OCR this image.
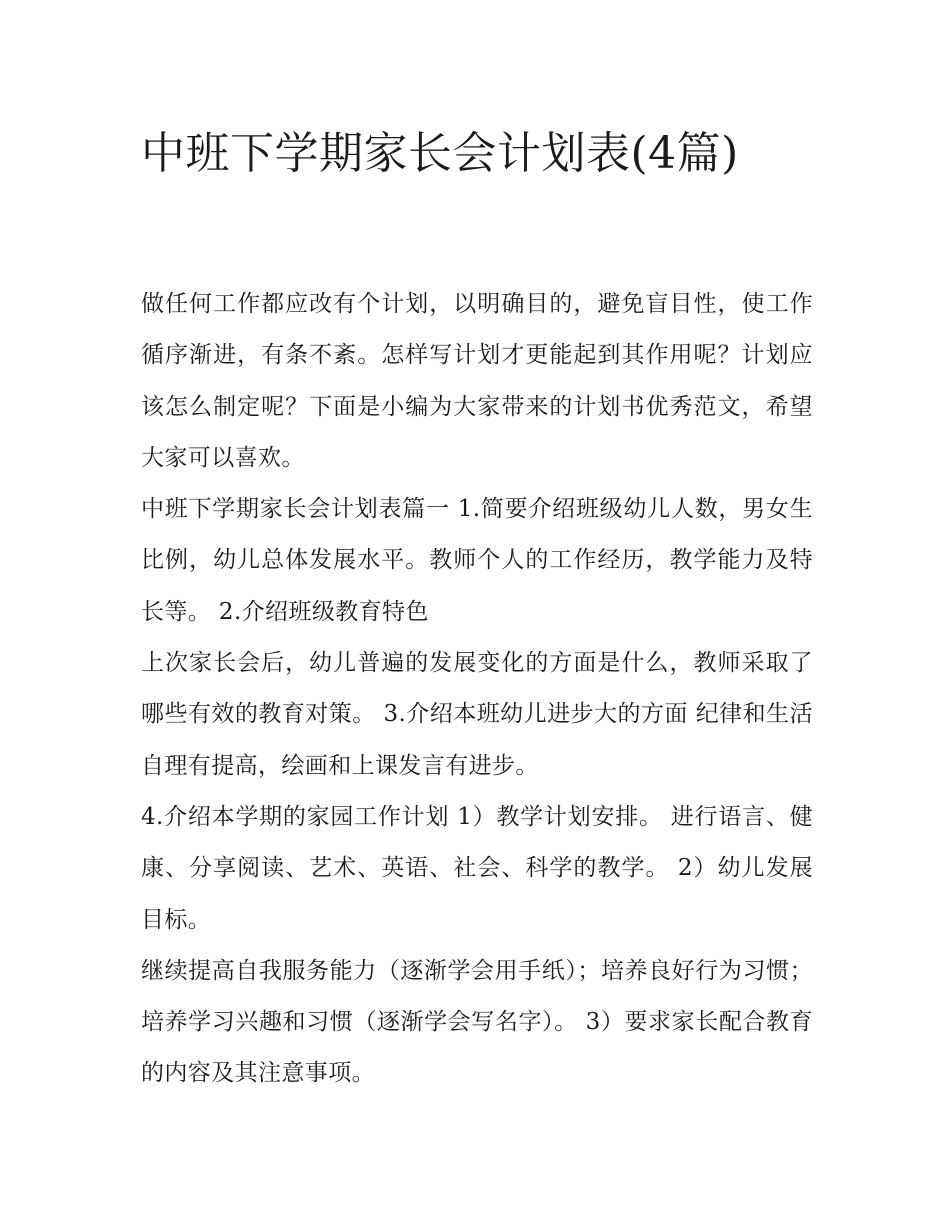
中班下学期家长会计划表(4篇)

做任何工作都应改有个计划，以明确目的，避免盲目性，使工作循序渐进，有条不紊。怎样写计划才更能起到其作用呢？计划应该怎么制定呢？下面是小编为大家带来的计划书优秀范文，希望大家可以喜欢。

中班下学期家长会计划表篇一 1.简要介绍班级幼儿人数，男女生比例，幼儿总体发展水平。教师个人的工作经历，教学能力及特长等。 2.介绍班级教育特色

上次家长会后，幼儿普遍的发展变化的方面是什么，教师采取了哪些有效的教育对策。 3.介绍本班幼儿进步大的方面 纪律和生活自理有提高，绘画和上课发言有进步。

4.介绍本学期的家园工作计划 1）教学计划安排。 进行语言、健康、分享阅读、艺术、英语、社会、科学的教学。 2）幼儿发展目标。

继续提高自我服务能力（逐渐学会用手纸）；培养良好行为习惯；培养学习兴趣和习惯（逐渐学会写名字）。 3）要求家长配合教育的内容及其注意事项。
